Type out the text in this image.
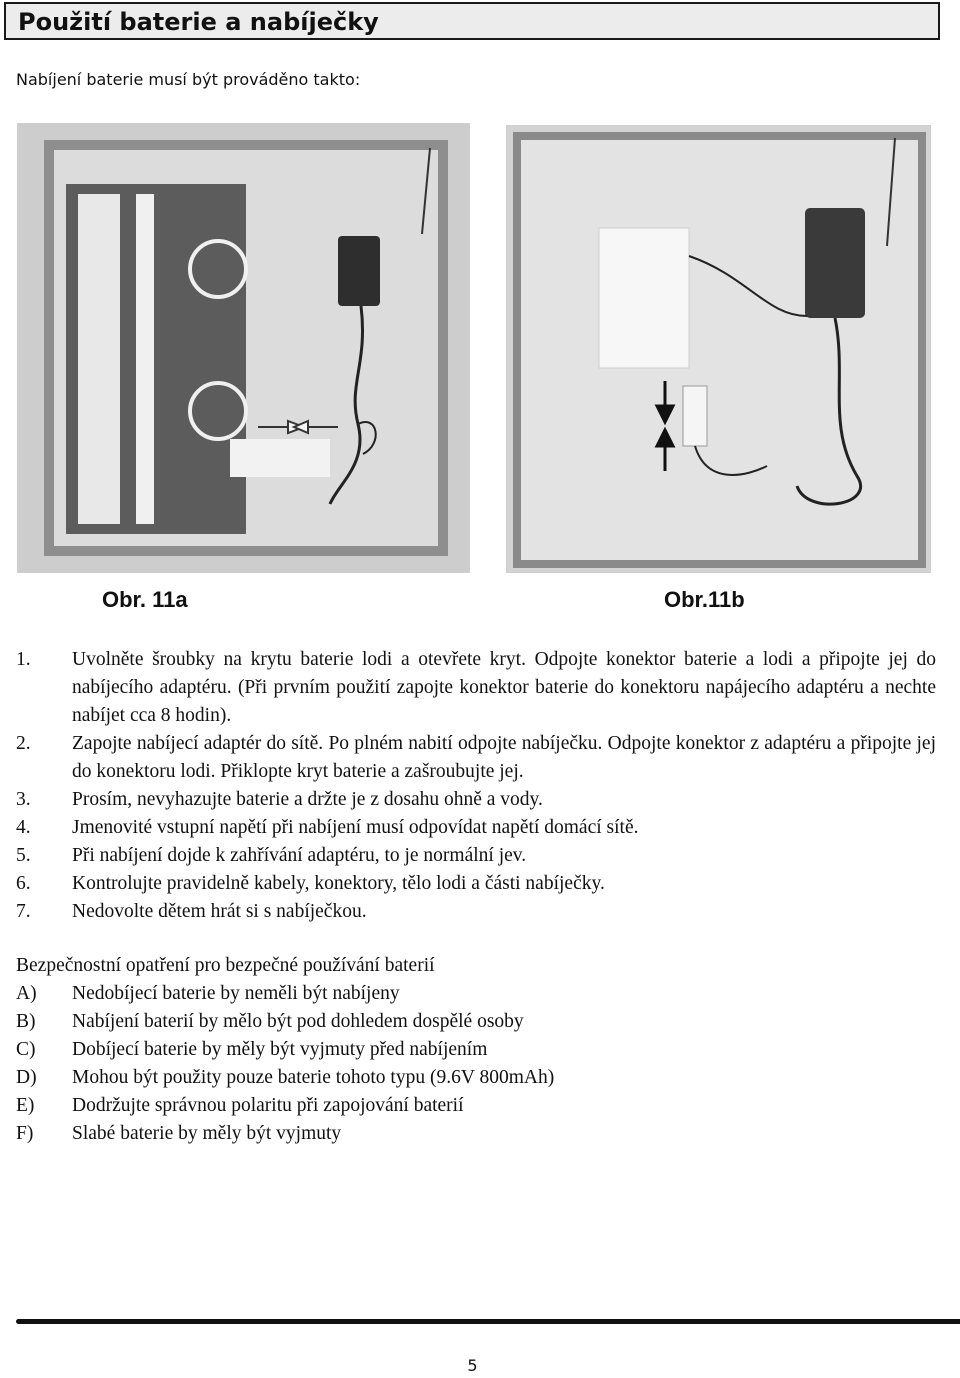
Použití baterie a nabíječky
Nabíjení baterie musí být prováděno takto:
Obr. 11a	Obr.11b
1.	Uvolněte šroubky na krytu baterie lodi a otevřete kryt. Odpojte konektor baterie a lodi a připojte jej do nabíjecího adaptéru. (Při prvním použití zapojte konektor baterie do konektoru napájecího adaptéru a nechte nabíjet cca 8 hodin).
2.	Zapojte nabíjecí adaptér do sítě. Po plném nabití odpojte nabíječku. Odpojte konektor z adaptéru a připojte jej do konektoru lodi. Přiklopte kryt baterie a zašroubujte jej.
3.	Prosím, nevyhazujte baterie a držte je z dosahu ohně a vody.
4.	Jmenovité vstupní napětí při nabíjení musí odpovídat napětí domácí sítě.
5.	Při nabíjení dojde k zahřívání adaptéru, to je normální jev.
6.	Kontrolujte pravidelně kabely, konektory, tělo lodi a části nabíječky.
7.	Nedovolte dětem hrát si s nabíječkou.
Bezpečnostní opatření pro bezpečné používání baterií
A)	Nedobíjecí baterie by neměli být nabíjeny
B)	Nabíjení baterií by mělo být pod dohledem dospělé osoby
C)	Dobíjecí baterie by měly být vyjmuty před nabíjením
D)	Mohou být použity pouze baterie tohoto typu (9.6V 800mAh)
E)	Dodržujte správnou polaritu při zapojování baterií
F)	Slabé baterie by měly být vyjmuty
5
